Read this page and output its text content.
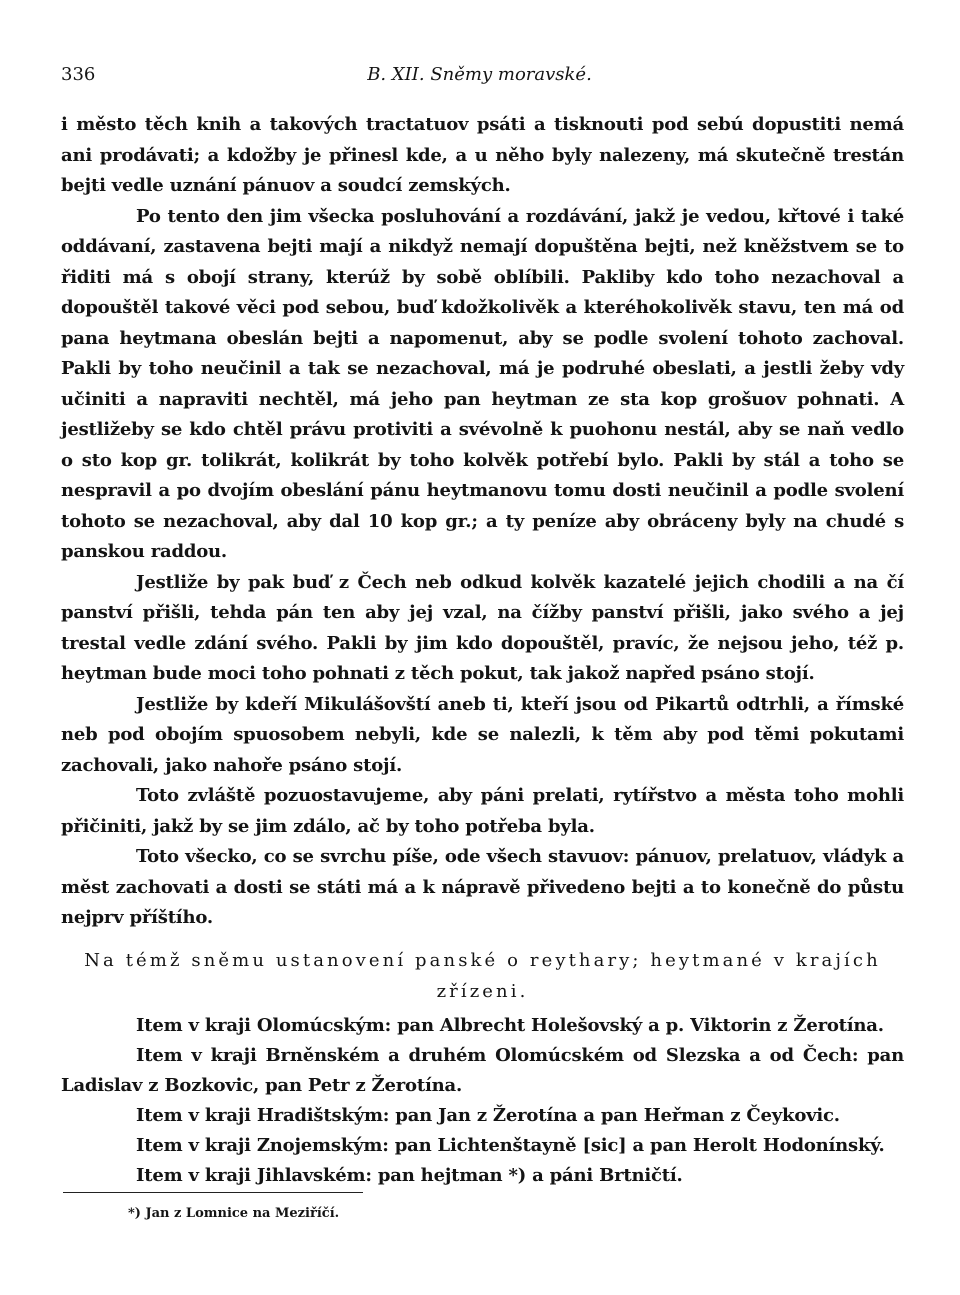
336	B. XII. Sněmy moravské.

i město těch knih a takových tractatuov psáti a tisknouti pod sebú dopustiti nemá ani prodávati; a kdožby je přinesl kde, a u něho byly nalezeny, má skutečně trestán bejti vedle uznání pánuov a soudcí zemských.

Po tento den jim všecka posluhování a rozdávání, jakž je vedou, křtové i také oddávaní, zastavena bejti mají a nikdyž nemají dopuštěna bejti, než kněžstvem se to řiditi má s obojí strany, kterúž by sobě oblíbili. Pakliby kdo toho nezachoval a dopouštěl takové věci pod sebou, buď kdožkolivěk a kteréhokolivěk stavu, ten má od pana heytmana obeslán bejti a napomenut, aby se podle svolení tohoto zachoval. Pakli by toho neučinil a tak se nezachoval, má je podruhé obeslati, a jestli žeby vdy učiniti a napraviti nechtěl, má jeho pan heytman ze sta kop grošuov pohnati. A jestližeby se kdo chtěl právu protiviti a svévolně k puohonu nestál, aby se naň vedlo o sto kop gr. tolikrát, kolikrát by toho kolvěk potřebí bylo. Pakli by stál a toho se nespravil a po dvojím obeslání pánu heytmanovu tomu dosti neučinil a podle svolení tohoto se nezachoval, aby dal 10 kop gr.; a ty peníze aby obráceny byly na chudé s panskou raddou.

Jestliže by pak buď z Čech neb odkud kolvěk kazatelé jejich chodili a na čí panství přišli, tehda pán ten aby jej vzal, na čížby panství přišli, jako svého a jej trestal vedle zdání svého. Pakli by jim kdo dopouštěl, pravíc, že nejsou jeho, též p. heytman bude moci toho pohnati z těch pokut, tak jakož napřed psáno stojí.

Jestliže by kdeří Mikulášovští aneb ti, kteří jsou od Pikartů odtrhli, a římské neb pod obojím spuosobem nebyli, kde se nalezli, k těm aby pod těmi pokutami zachovali, jako nahoře psáno stojí.

Toto zvláště pozuostavujeme, aby páni prelati, rytířstvo a města toho mohli přičiniti, jakž by se jim zdálo, ač by toho potřeba byla.

Toto všecko, co se svrchu píše, ode všech stavuov: pánuov, prelatuov, vládyk a měst zachovati a dosti se státi má a k nápravě přivedeno bejti a to konečně do půstu nejprv příštího.

Na témž sněmu ustanovení panské o reythary; heytmané v krajích zřízeni.

Item v kraji Olomúcským: pan Albrecht Holešovský a p. Viktorin z Žerotína.

Item v kraji Brněnském a druhém Olomúcském od Slezska a od Čech: pan Ladislav z Bozkovic, pan Petr z Žerotína.

Item v kraji Hradištským: pan Jan z Žerotína a pan Heřman z Čeykovic.

Item v kraji Znojemským: pan Lichtenštayně [sic] a pan Herolt Hodonínský.

Item v kraji Jihlavském: pan hejtman *) a páni Brtničtí.

*) Jan z Lomnice na Meziříčí.
